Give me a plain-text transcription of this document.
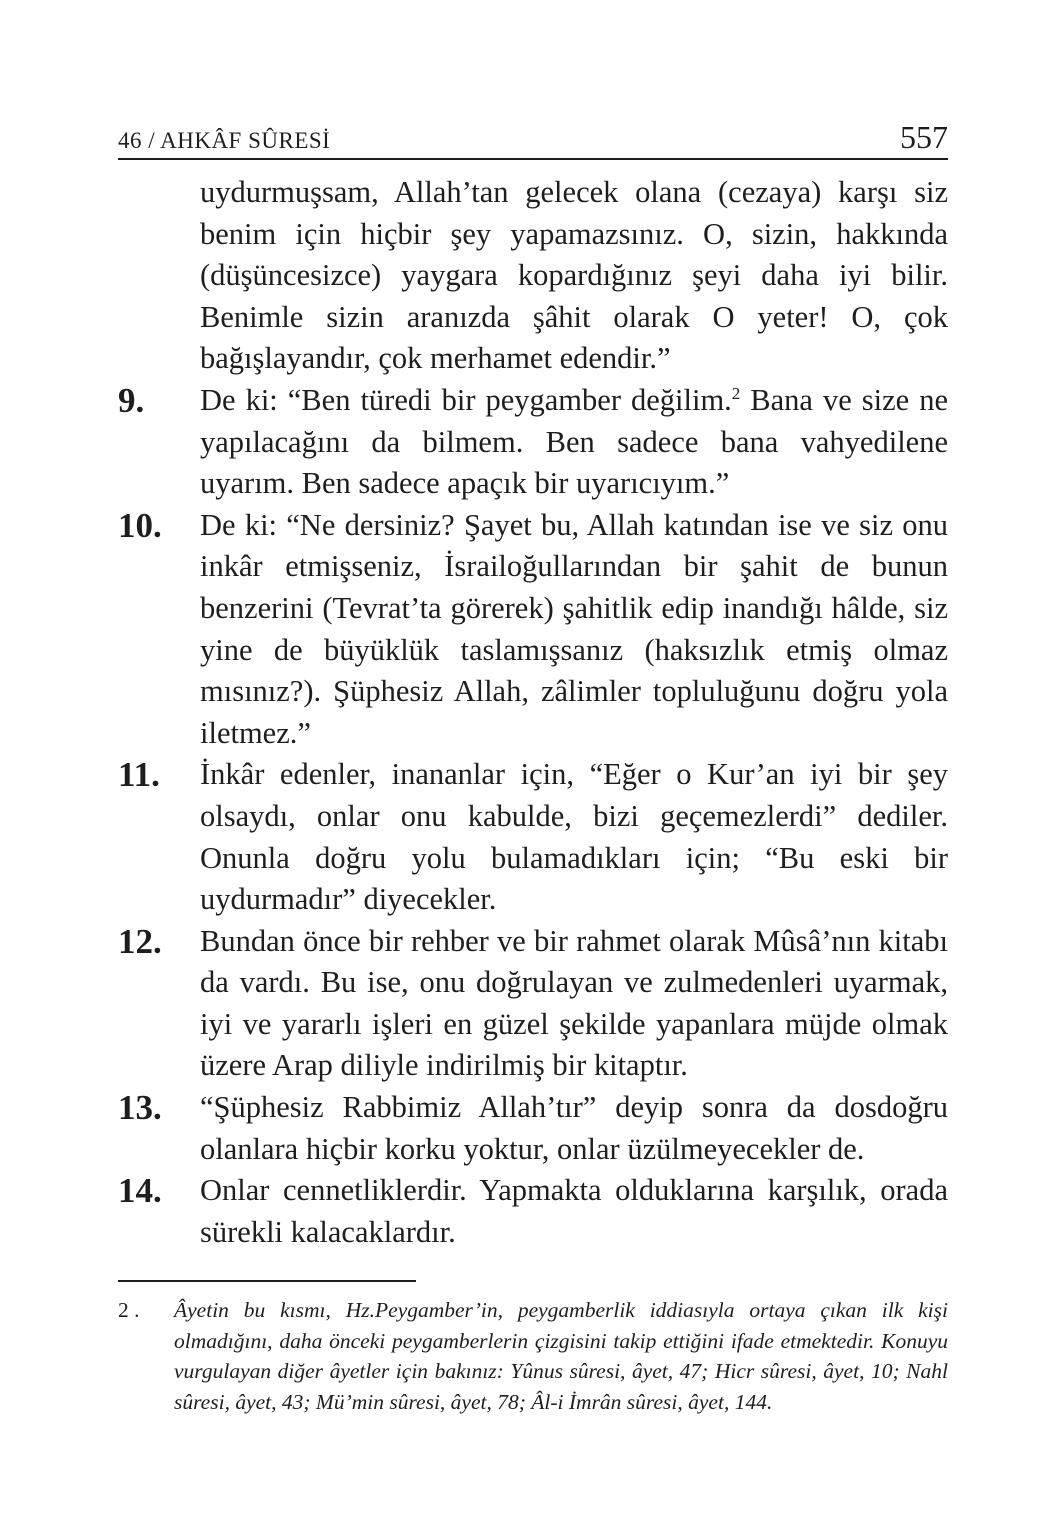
46 / AHKÂF SÛRESİ	557
uydurmuşsam, Allah’tan gelecek olana (cezaya) karşı siz benim için hiçbir şey yapamazsınız. O, sizin, hakkında (düşüncesizce) yaygara kopardığınız şeyi daha iyi bilir. Benimle sizin aranızda şâhit olarak O yeter! O, çok bağışlayandır, çok merhamet edendir.”
9.	De ki: “Ben türedi bir peygamber değilim.$^2$ Bana ve size ne yapılacağını da bilmem. Ben sadece bana vahyedilene uyarım. Ben sadece apaçık bir uyarıcıyım.”
10.	De ki: “Ne dersiniz? Şayet bu, Allah katından ise ve siz onu inkâr etmişseniz, İsrailoğullarından bir şahit de bunun benzerini (Tevrat’ta görerek) şahitlik edip inandığı hâlde, siz yine de büyüklük taslamışsanız (haksızlık etmiş olmaz mısınız?). Şüphesiz Allah, zâlimler topluluğunu doğru yola iletmez.”
11.	İnkâr edenler, inananlar için, “Eğer o Kur’an iyi bir şey olsaydı, onlar onu kabulde, bizi geçemezlerdi” dediler. Onunla doğru yolu bulamadıkları için; “Bu eski bir uydurmadır” diyecekler.
12.	Bundan önce bir rehber ve bir rahmet olarak Mûsâ’nın kitabı da vardı. Bu ise, onu doğrulayan ve zulmedenleri uyarmak, iyi ve yararlı işleri en güzel şekilde yapanlara müjde olmak üzere Arap diliyle indirilmiş bir kitaptır.
13.	“Şüphesiz Rabbimiz Allah’tır” deyip sonra da dosdoğru olanlara hiçbir korku yoktur, onlar üzülmeyecekler de.
14.	Onlar cennetliklerdir. Yapmakta olduklarına karşılık, orada sürekli kalacaklardır.
2 .	Âyetin bu kısmı, Hz.Peygamber’in, peygamberlik iddiasıyla ortaya çıkan ilk kişi olmadığını, daha önceki peygamberlerin çizgisini takip ettiğini ifade etmektedir. Konuyu vurgulayan diğer âyetler için bakınız: Yûnus sûresi, âyet, 47; Hicr sûresi, âyet, 10; Nahl sûresi, âyet, 43; Mü’min sûresi, âyet, 78; Âl-i İmrân sûresi, âyet, 144.
